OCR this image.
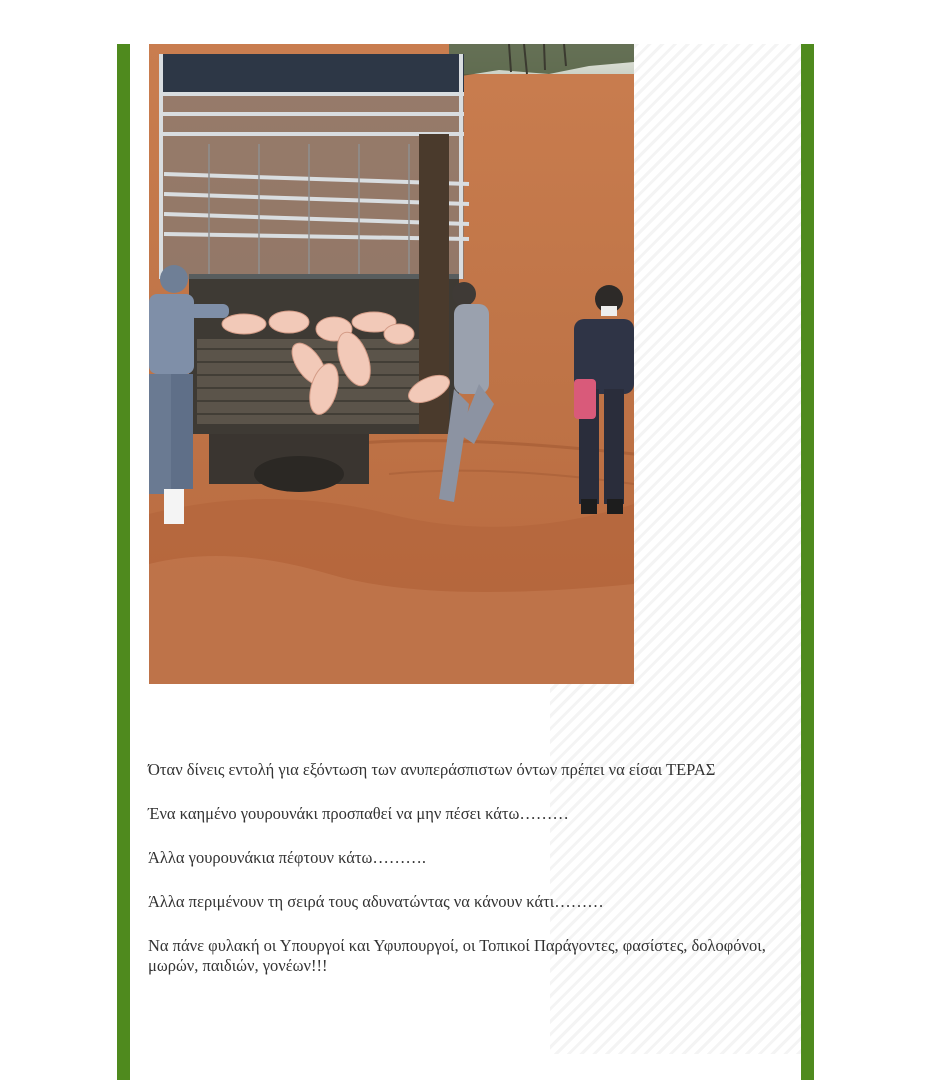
Όταν δίνεις εντολή για εξόντωση των ανυπεράσπιστων όντων πρέπει να είσαι ΤΕΡΑΣ

Ένα καημένο γουρουνάκι προσπαθεί να μην πέσει κάτω………

Άλλα γουρουνάκια πέφτουν κάτω……….

Άλλα περιμένουν τη σειρά τους αδυνατώντας να κάνουν κάτι………

Να πάνε φυλακή οι Υπουργοί και Υφυπουργοί, οι Τοπικοί Παράγοντες, φασίστες, δολοφόνοι, μωρών, παιδιών, γονέων!!!
